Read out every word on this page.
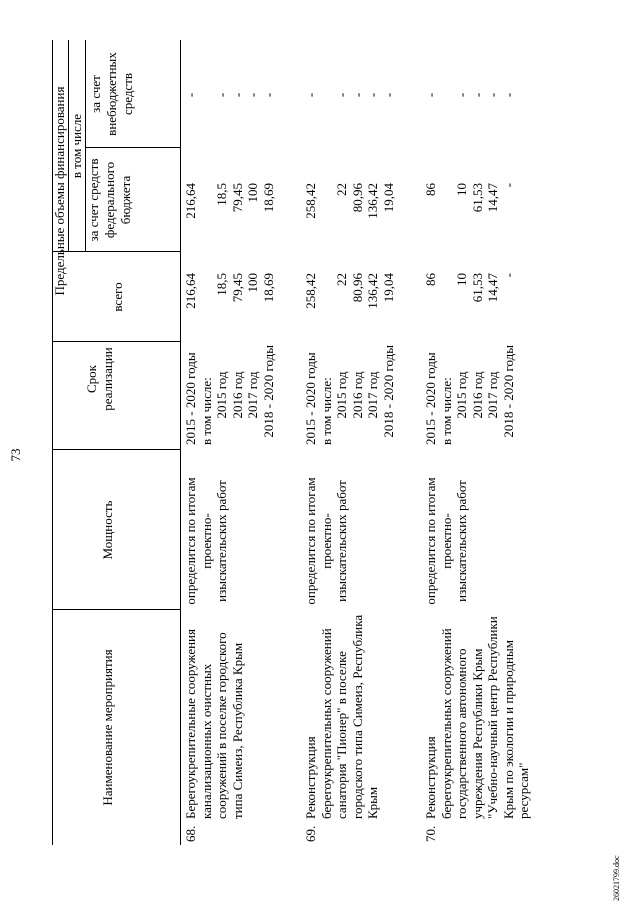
73
Наименование мероприятия
Мощность
Срок реализации
Предельные объемы финансирования
всего
в том числе
за счет средств федерального бюджета
за счет внебюджетных средств
68.
Берегоукрепительные сооружения канализационных очистных сооружений в поселке городского типа Симеиз, Республика Крым
определится по итогам проектно-изыскательских работ
2015 - 2020 годы в том числе: 2015 год 2016 год 2017 год 2018 - 2020 годы
216,64
18,5 79,45 100 18,69
216,64
18,5 79,45 100 18,69
-
- - - -
69.
Реконструкция берегоукрепительных сооружений санатория "Пионер" в поселке городского типа Симеиз, Республика Крым
определится по итогам проектно-изыскательских работ
2015 - 2020 годы в том числе: 2015 год 2016 год 2017 год 2018 - 2020 годы
258,42
22 80,96 136,42 19,04
258,42
22 80,96 136,42 19,04
-
- - - -
70.
Реконструкция берегоукрепительных сооружений государственного автономного учреждения Республики Крым "Учебно-научный центр Республики Крым по экологии и природным ресурсам"
определится по итогам проектно-изыскательских работ
2015 - 2020 годы в том числе: 2015 год 2016 год 2017 год 2018 - 2020 годы
86
10 61,53 14,47 -
86
10 61,53 14,47 -
-
- - - -
26021799.doc
